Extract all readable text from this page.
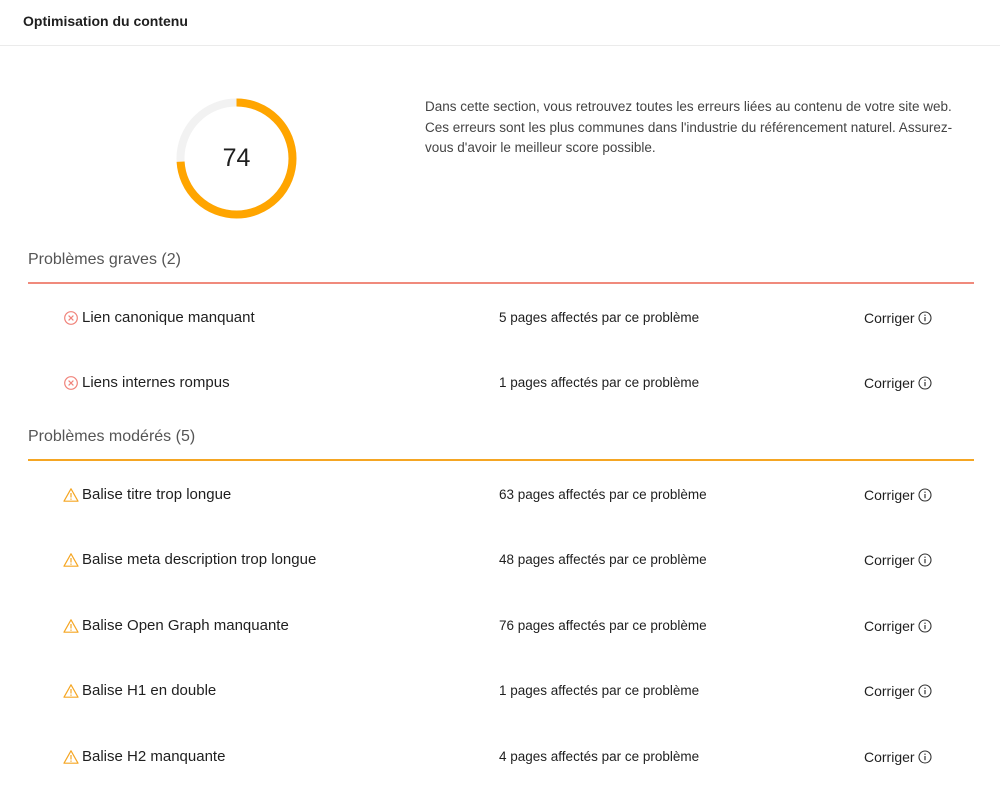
Optimisation du contenu
74
Dans cette section, vous retrouvez toutes les erreurs liées au contenu de votre site web. Ces erreurs sont les plus communes dans l'industrie du référencement naturel. Assurez-vous d'avoir le meilleur score possible.
Problèmes graves (2)
Lien canonique manquant	5 pages affectés par ce problème	Corriger
Liens internes rompus	1 pages affectés par ce problème	Corriger
Problèmes modérés (5)
Balise titre trop longue	63 pages affectés par ce problème	Corriger
Balise meta description trop longue	48 pages affectés par ce problème	Corriger
Balise Open Graph manquante	76 pages affectés par ce problème	Corriger
Balise H1 en double	1 pages affectés par ce problème	Corriger
Balise H2 manquante	4 pages affectés par ce problème	Corriger
